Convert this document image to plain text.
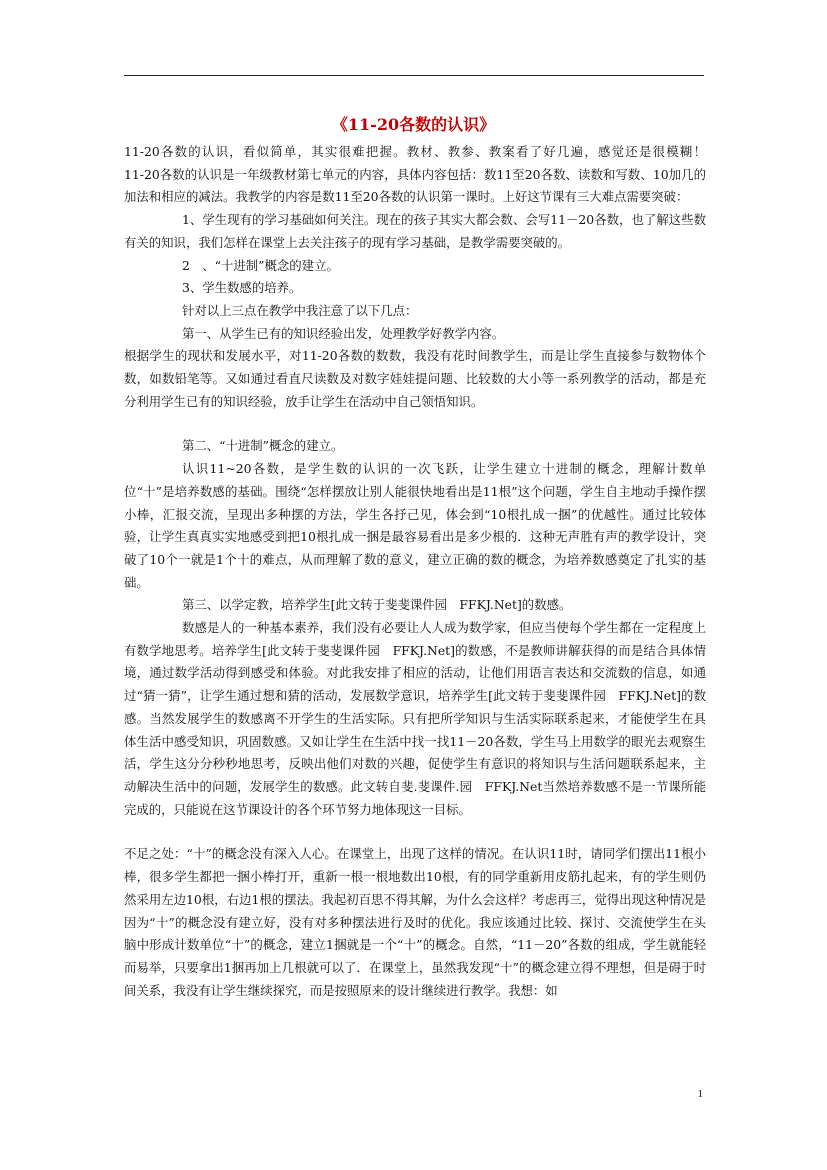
《11-20各数的认识》

11-20各数的认识，看似简单，其实很难把握。教材、教参、教案看了好几遍，感觉还是很模糊！　　　11-20各数的认识是一年级教材第七单元的内容，具体内容包括：数11至20各数、读数和写数、10加几的加法和相应的减法。我教学的内容是数11至20各数的认识第一课时。上好这节课有三大难点需要突破：

1、学生现有的学习基础如何关注。现在的孩子其实大都会数、会写11－20各数，也了解这些数有关的知识，我们怎样在课堂上去关注孩子的现有学习基础，是教学需要突破的。

2　、“十进制”概念的建立。

3、学生数感的培养。

针对以上三点在教学中我注意了以下几点：

第一、从学生已有的知识经验出发，处理教学好教学内容。

根据学生的现状和发展水平，对11-20各数的数数，我没有花时间教学生，而是让学生直接参与数物体个数，如数铅笔等。又如通过看直尺读数及对数字娃娃提问题、比较数的大小等一系列教学的活动，都是充分利用学生已有的知识经验，放手让学生在活动中自己领悟知识。

第二、“十进制”概念的建立。

认识11~20各数，是学生数的认识的一次飞跃，让学生建立十进制的概念，理解计数单位“十”是培养数感的基础。围绕“怎样摆放让别人能很快地看出是11根”这个问题，学生自主地动手操作摆小棒，汇报交流，呈现出多种摆的方法，学生各抒己见，体会到“10根扎成一捆”的优越性。通过比较体验，让学生真真实实地感受到把10根扎成一捆是最容易看出是多少根的．这种无声胜有声的教学设计，突破了10个一就是1个十的难点，从而理解了数的意义，建立正确的数的概念，为培养数感奠定了扎实的基础。

第三、以学定教，培养学生[此文转于斐斐课件园　FFKJ.Net]的数感。

数感是人的一种基本素养，我们没有必要让人人成为数学家，但应当使每个学生都在一定程度上有数学地思考。培养学生[此文转于斐斐课件园　FFKJ.Net]的数感，不是教师讲解获得的而是结合具体情境，通过数学活动得到感受和体验。对此我安排了相应的活动，让他们用语言表达和交流数的信息，如通过“猜一猜”，让学生通过想和猜的活动，发展数学意识，培养学生[此文转于斐斐课件园　FFKJ.Net]的数感。当然发展学生的数感离不开学生的生活实际。只有把所学知识与生活实际联系起来，才能使学生在具体生活中感受知识，巩固数感。又如让学生在生活中找一找11－20各数，学生马上用数学的眼光去观察生活，学生这分分秒秒地思考，反映出他们对数的兴趣，促使学生有意识的将知识与生活问题联系起来，主动解决生活中的问题，发展学生的数感。此文转自斐.斐课件.园　FFKJ.Net当然培养数感不是一节课所能完成的，只能说在这节课设计的各个环节努力地体现这一目标。

不足之处：“十”的概念没有深入人心。在课堂上，出现了这样的情况。在认识11时，请同学们摆出11根小棒，很多学生都把一捆小棒打开，重新一根一根地数出10根，有的同学重新用皮筋扎起来，有的学生则仍然采用左边10根，右边1根的摆法。我起初百思不得其解，为什么会这样？考虑再三，觉得出现这种情况是因为“十”的概念没有建立好，没有对多种摆法进行及时的优化。我应该通过比较、探讨、交流使学生在头脑中形成计数单位“十”的概念，建立1捆就是一个“十”的概念。自然，“11－20”各数的组成，学生就能轻而易举，只要拿出1捆再加上几根就可以了．在课堂上，虽然我发现“十”的概念建立得不理想，但是碍于时间关系，我没有让学生继续探究，而是按照原来的设计继续进行教学。我想：如

1
